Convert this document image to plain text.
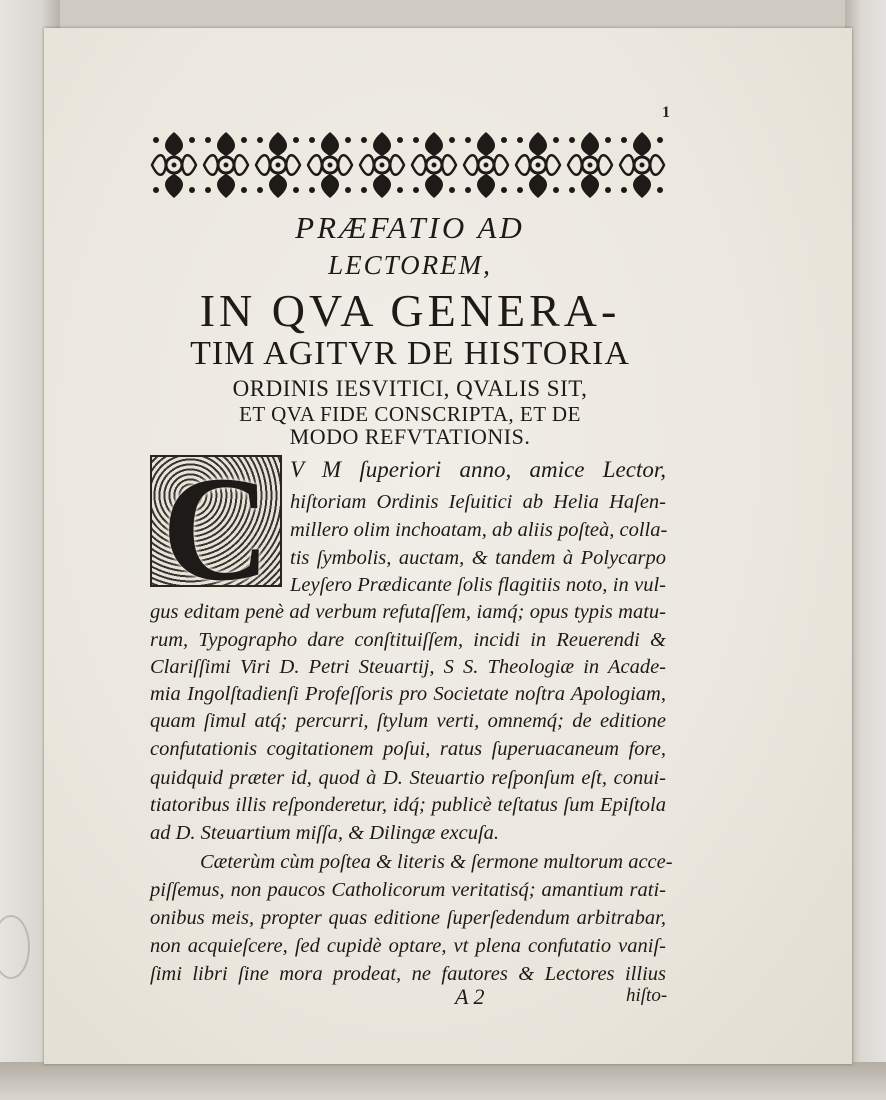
1
PRÆFATIO AD
LECTOREM,
IN QVA GENERA-
TIM AGITVR DE HISTORIA
ORDINIS IESVITICI, QVALIS SIT,
ET QVA FIDE CONSCRIPTA, ET DE
MODO REFVTATIONIS.
C V M ſuperiori anno, amice Lector,
hiſtoriam Ordinis Ieſuitici ab Helia Haſen-
millero olim inchoatam, ab aliis poſteà, colla-
tis ſymbolis, auctam, & tandem à Polycarpo
Leyſero Prædicante ſolis flagitiis noto, in vul-
gus editam penè ad verbum refutaſſem, iamq́; opus typis matu-
rum, Typographo dare conſtituiſſem, incidi in Reuerendi &
Clariſſimi Viri D. Petri Steuartij, S S. Theologiæ in Acade-
mia Ingolſtadienſi Profeſſoris pro Societate noſtra Apologiam,
quam ſimul atq́; percurri, ſtylum verti, omnemq́; de editione
confutationis cogitationem poſui, ratus ſuperuacaneum fore,
quidquid præter id, quod à D. Steuartio reſponſum eſt, conui-
tiatoribus illis reſponderetur, idq́; publicè teſtatus ſum Epiſtola
ad D. Steuartium miſſa, & Dilingæ excuſa.
Cæterùm cùm poſtea & literis & ſermone multorum acce-
piſſemus, non paucos Catholicorum veritatisq́; amantium rati-
onibus meis, propter quas editione ſuperſedendum arbitrabar,
non acquieſcere, ſed cupidè optare, vt plena confutatio vaniſ-
ſimi libri ſine mora prodeat, ne fautores & Lectores illius
A 2	hiſto-
